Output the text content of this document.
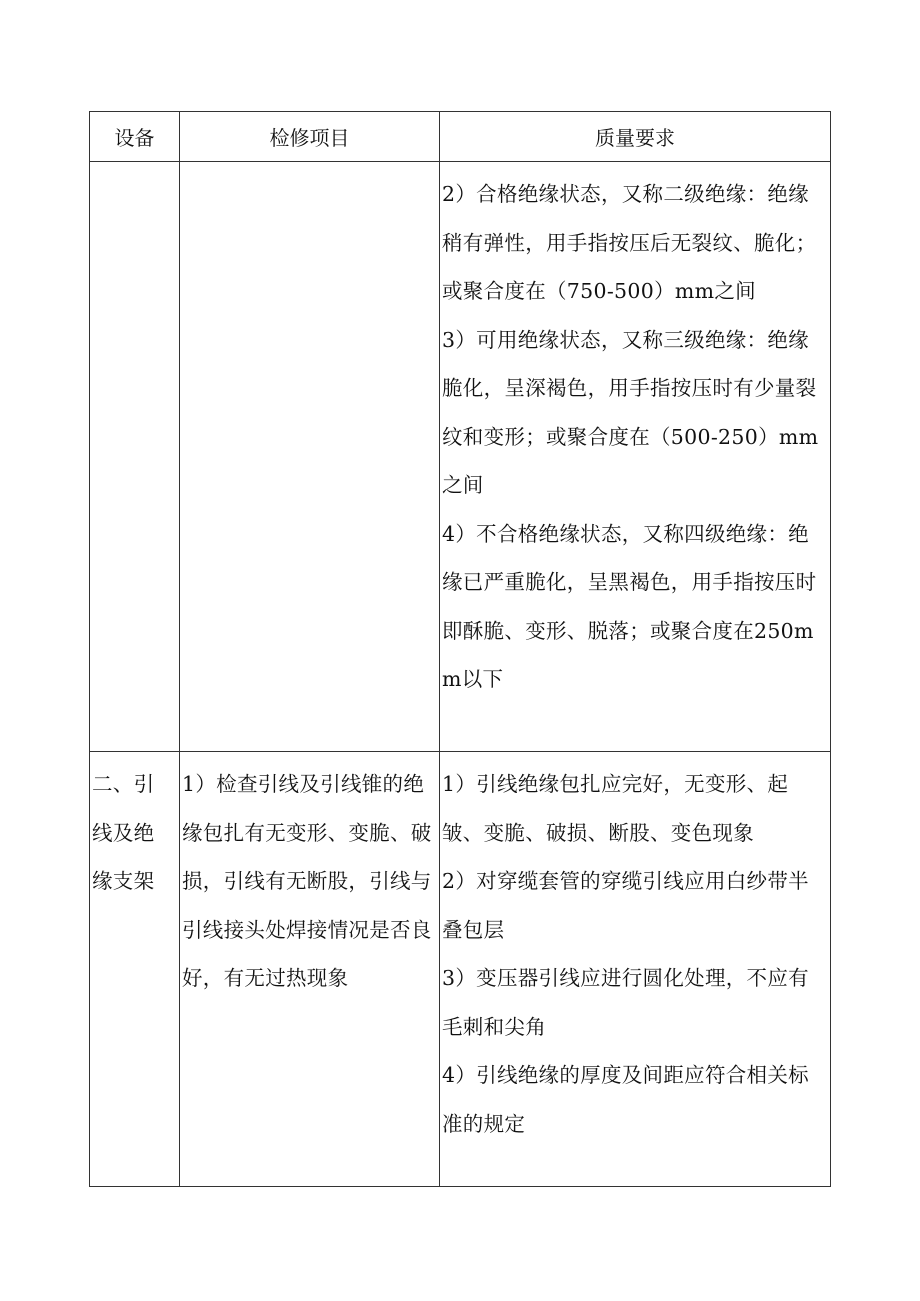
设备	检修项目	质量要求

		2）合格绝缘状态，又称二级绝缘：绝缘稍有弹性，用手指按压后无裂纹、脆化；或聚合度在（750-500）mm之间

3）可用绝缘状态，又称三级绝缘：绝缘脆化，呈深褐色，用手指按压时有少量裂纹和变形；或聚合度在（500-250）mm之间

4）不合格绝缘状态，又称四级绝缘：绝缘已严重脆化，呈黑褐色，用手指按压时即酥脆、变形、脱落；或聚合度在250mm以下

二、引线及绝缘支架	1）检查引线及引线锥的绝缘包扎有无变形、变脆、破损，引线有无断股，引线与引线接头处焊接情况是否良好，有无过热现象	1）引线绝缘包扎应完好，无变形、起皱、变脆、破损、断股、变色现象

2）对穿缆套管的穿缆引线应用白纱带半叠包层

3）变压器引线应进行圆化处理，不应有毛刺和尖角

4）引线绝缘的厚度及间距应符合相关标准的规定
